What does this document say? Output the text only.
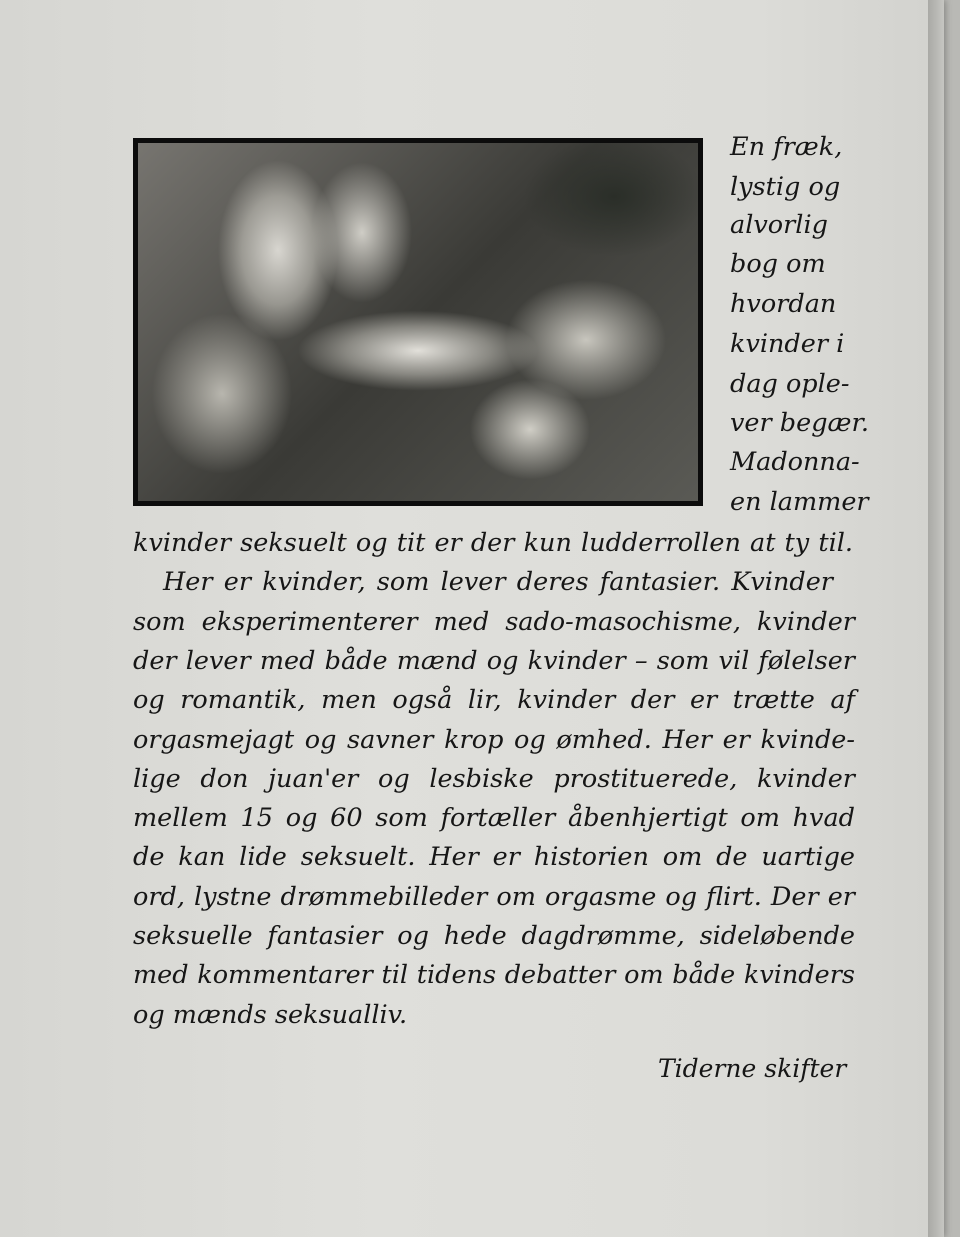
En fræk,
lystig og
alvorlig
bog om
hvordan
kvinder i
dag ople-
ver begær.
Madonna-
en lammer
kvinder seksuelt og tit er der kun ludderrollen at ty til.
Her er kvinder, som lever deres fantasier. Kvinder
som eksperimenterer med sado-masochisme, kvinder
der lever med både mænd og kvinder – som vil følelser
og romantik, men også lir, kvinder der er trætte af
orgasmejagt og savner krop og ømhed. Her er kvinde-
lige don juan'er og lesbiske prostituerede, kvinder
mellem 15 og 60 som fortæller åbenhjertigt om hvad
de kan lide seksuelt. Her er historien om de uartige
ord, lystne drømmebilleder om orgasme og flirt. Der er
seksuelle fantasier og hede dagdrømme, sideløbende
med kommentarer til tidens debatter om både kvinders
og mænds seksualliv.
Tiderne skifter
